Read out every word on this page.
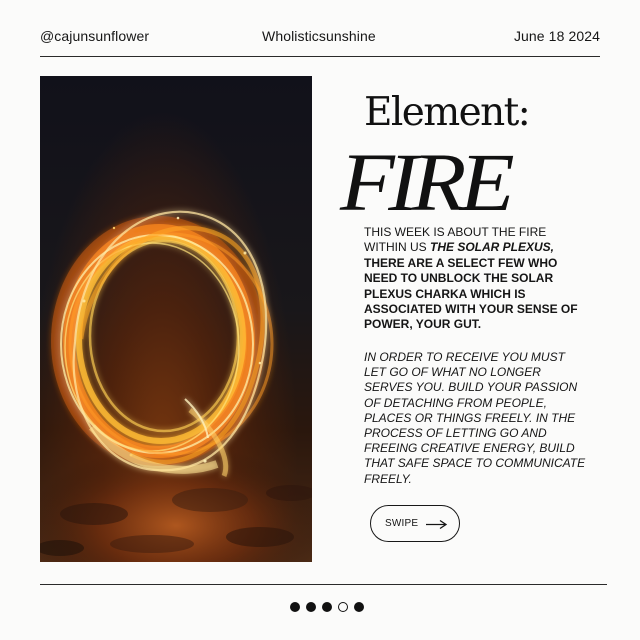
@cajunsunflower	Wholisticsunshine	June 18 2024
Element:
FIRE
THIS WEEK IS ABOUT THE FIRE WITHIN US THE SOLAR PLEXUS, THERE ARE A SELECT FEW WHO NEED TO UNBLOCK THE SOLAR PLEXUS CHARKA WHICH IS ASSOCIATED WITH YOUR SENSE OF POWER, YOUR GUT.
IN ORDER TO RECEIVE YOU MUST LET GO OF WHAT NO LONGER SERVES YOU. BUILD YOUR PASSION OF DETACHING FROM PEOPLE, PLACES OR THINGS FREELY. IN THE PROCESS OF LETTING GO AND FREEING CREATIVE ENERGY, BUILD THAT SAFE SPACE TO COMMUNICATE FREELY.
SWIPE
